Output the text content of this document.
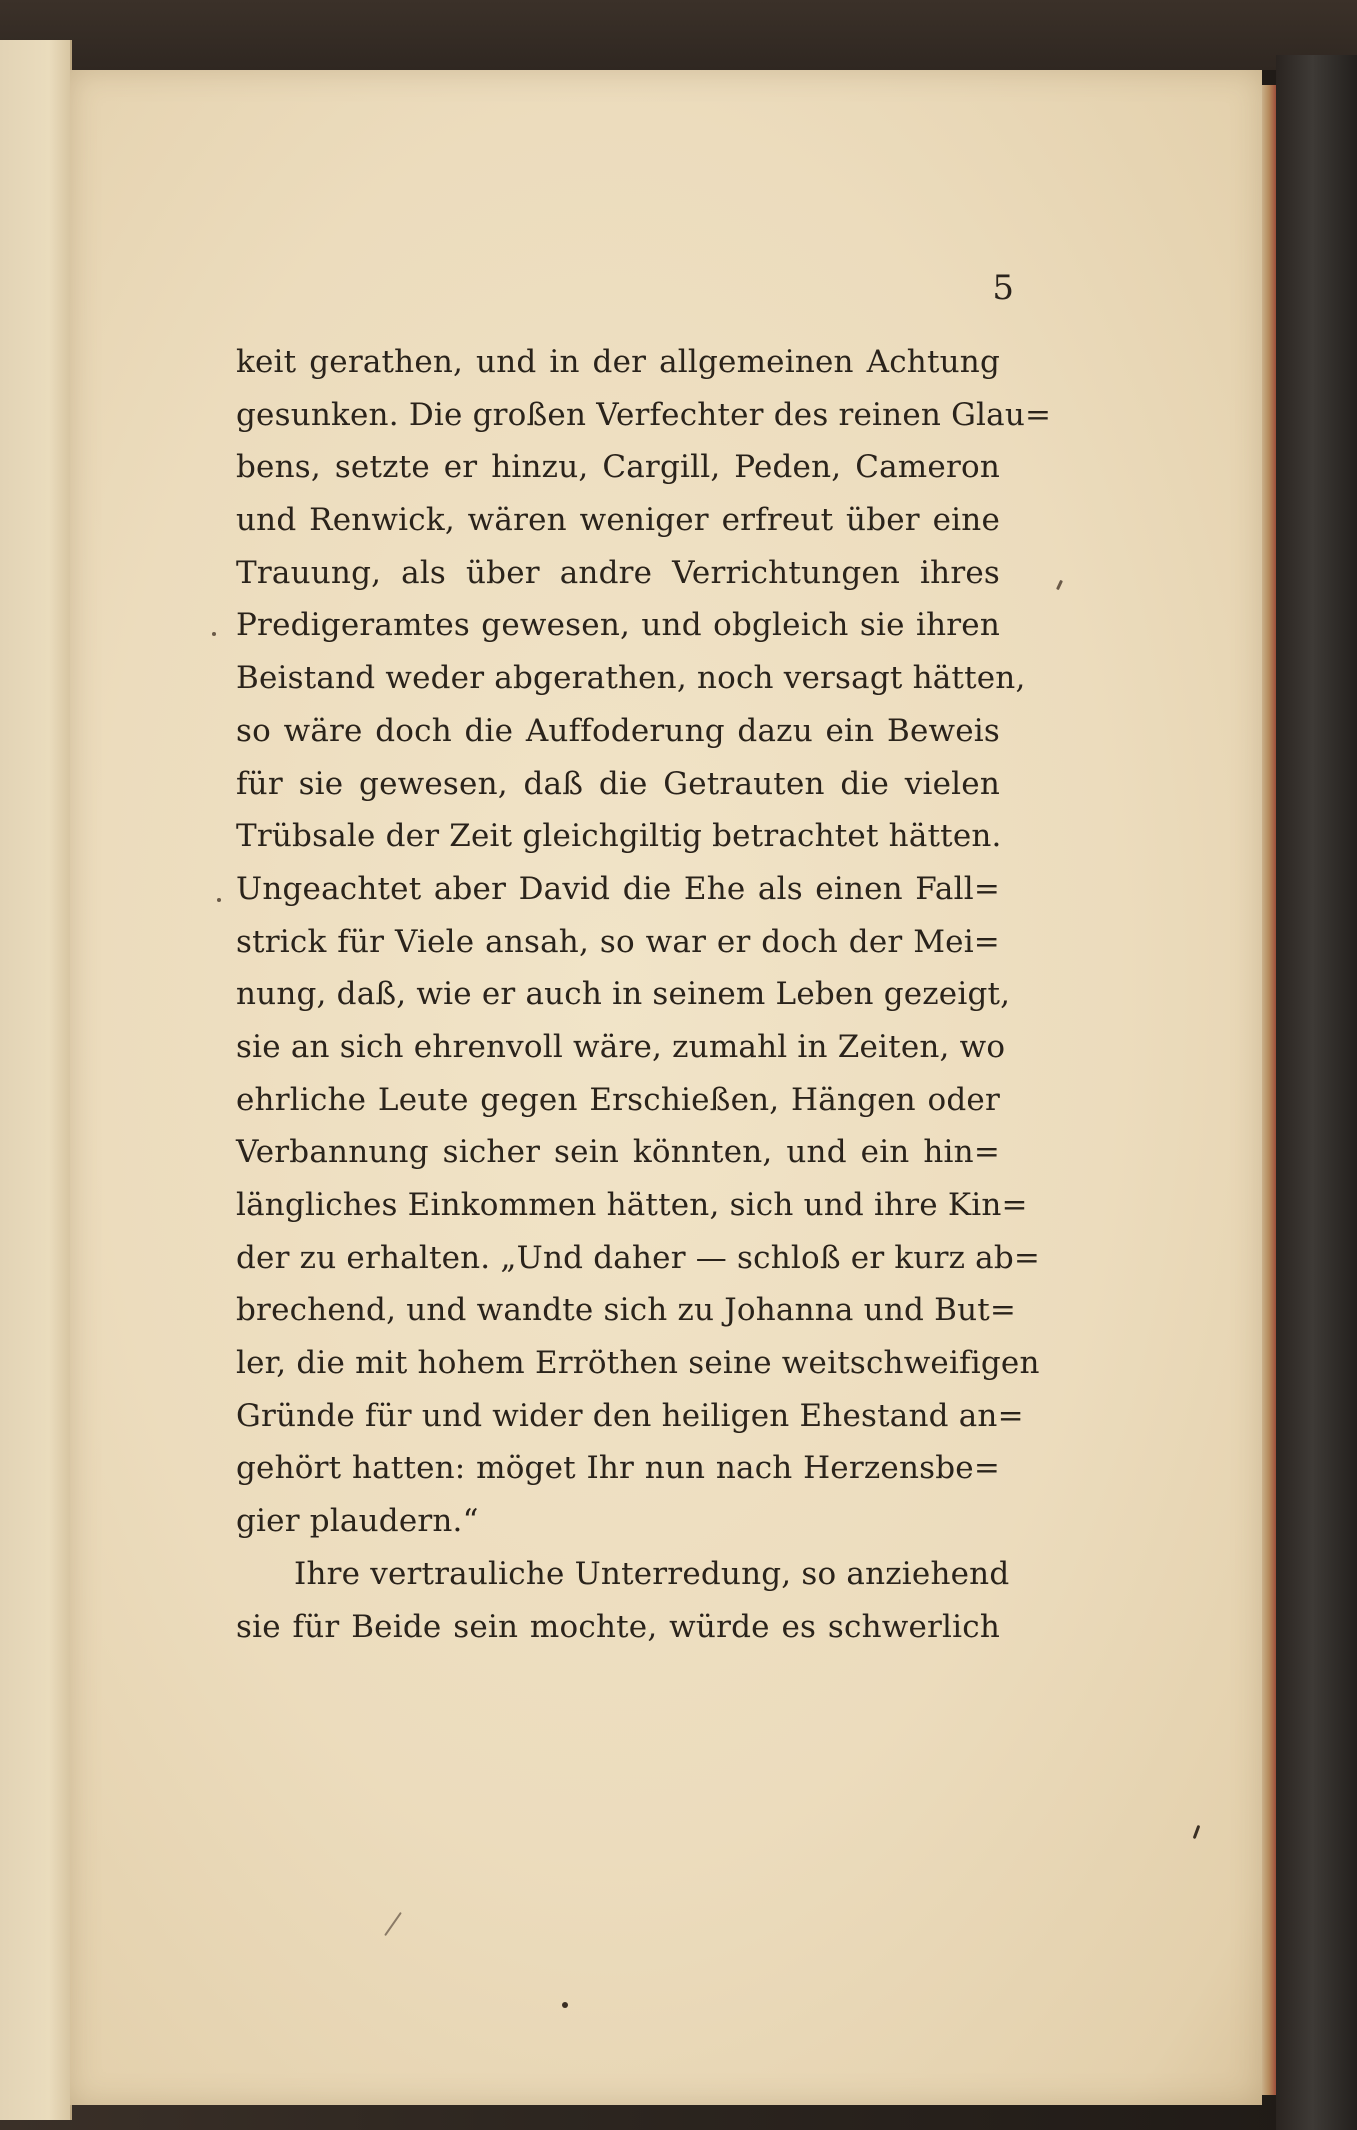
5
keit gerathen, und in der allgemeinen Achtung
gesunken. Die großen Verfechter des reinen Glau=
bens, setzte er hinzu, Cargill, Peden, Cameron
und Renwick, wären weniger erfreut über eine
Trauung, als über andre Verrichtungen ihres
Predigeramtes gewesen, und obgleich sie ihren
Beistand weder abgerathen, noch versagt hätten,
so wäre doch die Auffoderung dazu ein Beweis
für sie gewesen, daß die Getrauten die vielen
Trübsale der Zeit gleichgiltig betrachtet hätten.
Ungeachtet aber David die Ehe als einen Fall=
strick für Viele ansah, so war er doch der Mei=
nung, daß, wie er auch in seinem Leben gezeigt,
sie an sich ehrenvoll wäre, zumahl in Zeiten, wo
ehrliche Leute gegen Erschießen, Hängen oder
Verbannung sicher sein könnten, und ein hin=
längliches Einkommen hätten, sich und ihre Kin=
der zu erhalten. „Und daher — schloß er kurz ab=
brechend, und wandte sich zu Johanna und But=
ler, die mit hohem Erröthen seine weitschweifigen
Gründe für und wider den heiligen Ehestand an=
gehört hatten: möget Ihr nun nach Herzensbe=
gier plaudern.“
Ihre vertrauliche Unterredung, so anziehend
sie für Beide sein mochte, würde es schwerlich
